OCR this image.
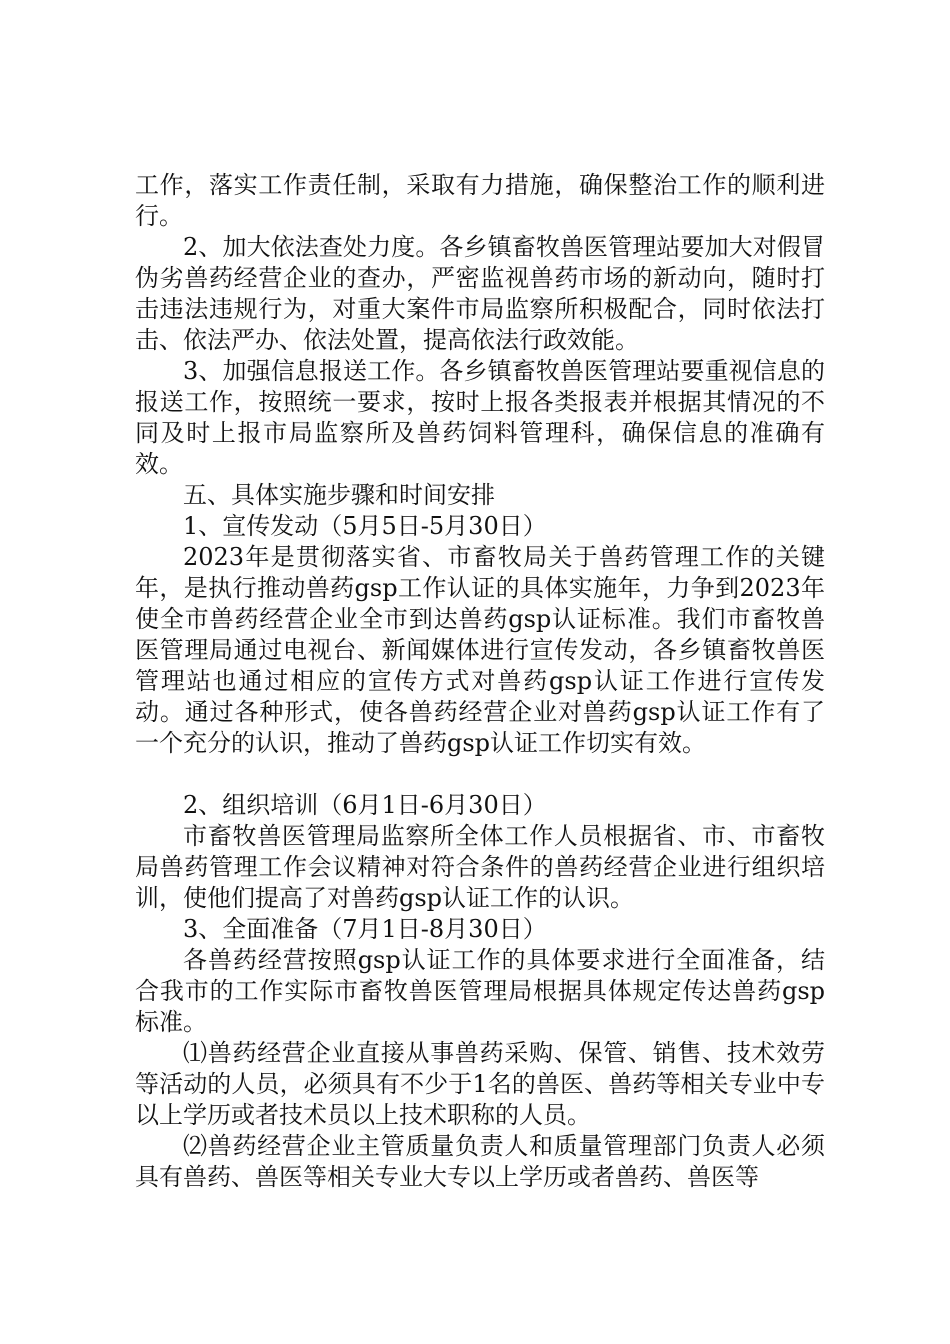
工作，落实工作责任制，采取有力措施，确保整治工作的顺利进行。

2、加大依法查处力度。各乡镇畜牧兽医管理站要加大对假冒伪劣兽药经营企业的查办，严密监视兽药市场的新动向，随时打击违法违规行为，对重大案件市局监察所积极配合，同时依法打击、依法严办、依法处置，提高依法行政效能。

3、加强信息报送工作。各乡镇畜牧兽医管理站要重视信息的报送工作，按照统一要求，按时上报各类报表并根据其情况的不同及时上报市局监察所及兽药饲料管理科，确保信息的准确有效。

五、具体实施步骤和时间安排

1、宣传发动（5月5日-5月30日）

2023年是贯彻落实省、市畜牧局关于兽药管理工作的关键年，是执行推动兽药gsp工作认证的具体实施年，力争到2023年使全市兽药经营企业全市到达兽药gsp认证标准。我们市畜牧兽医管理局通过电视台、新闻媒体进行宣传发动，各乡镇畜牧兽医管理站也通过相应的宣传方式对兽药gsp认证工作进行宣传发动。通过各种形式，使各兽药经营企业对兽药gsp认证工作有了一个充分的认识，推动了兽药gsp认证工作切实有效。

2、组织培训（6月1日-6月30日）

市畜牧兽医管理局监察所全体工作人员根据省、市、市畜牧局兽药管理工作会议精神对符合条件的兽药经营企业进行组织培训，使他们提高了对兽药gsp认证工作的认识。

3、全面准备（7月1日-8月30日）

各兽药经营按照gsp认证工作的具体要求进行全面准备，结合我市的工作实际市畜牧兽医管理局根据具体规定传达兽药gsp标准。

⑴兽药经营企业直接从事兽药采购、保管、销售、技术效劳等活动的人员，必须具有不少于1名的兽医、兽药等相关专业中专以上学历或者技术员以上技术职称的人员。

⑵兽药经营企业主管质量负责人和质量管理部门负责人必须具有兽药、兽医等相关专业大专以上学历或者兽药、兽医等
